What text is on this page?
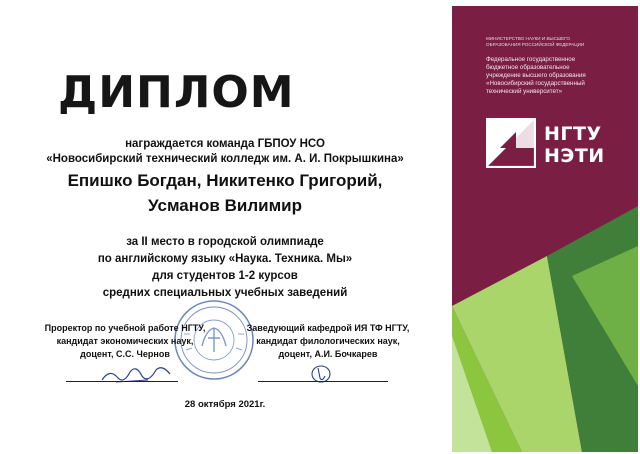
ДИПЛОМ
награждается команда ГБПОУ НСО
«Новосибирский технический колледж им. А. И. Покрышкина»
Епишко Богдан, Никитенко Григорий,
Усманов Вилимир
за II место в городской олимпиаде
по английскому языку «Наука. Техника. Мы»
для студентов 1-2 курсов
средних специальных учебных заведений
Проректор по учебной работе НГТУ,
кандидат экономических наук,
доцент, С.С. Чернов
Заведующий кафедрой ИЯ ТФ НГТУ,
кандидат филологических наук,
доцент, А.И. Бочкарев
28 октября 2021г.
МИНИСТЕРСТВО НАУКИ И ВЫСШЕГО
ОБРАЗОВАНИЯ РОССИЙСКОЙ ФЕДЕРАЦИИ
Федеральное государственное
бюджетное образовательное
учреждение высшего образования
«Новосибирский государственный
технический университет»
НГТУ
НЭТИ
